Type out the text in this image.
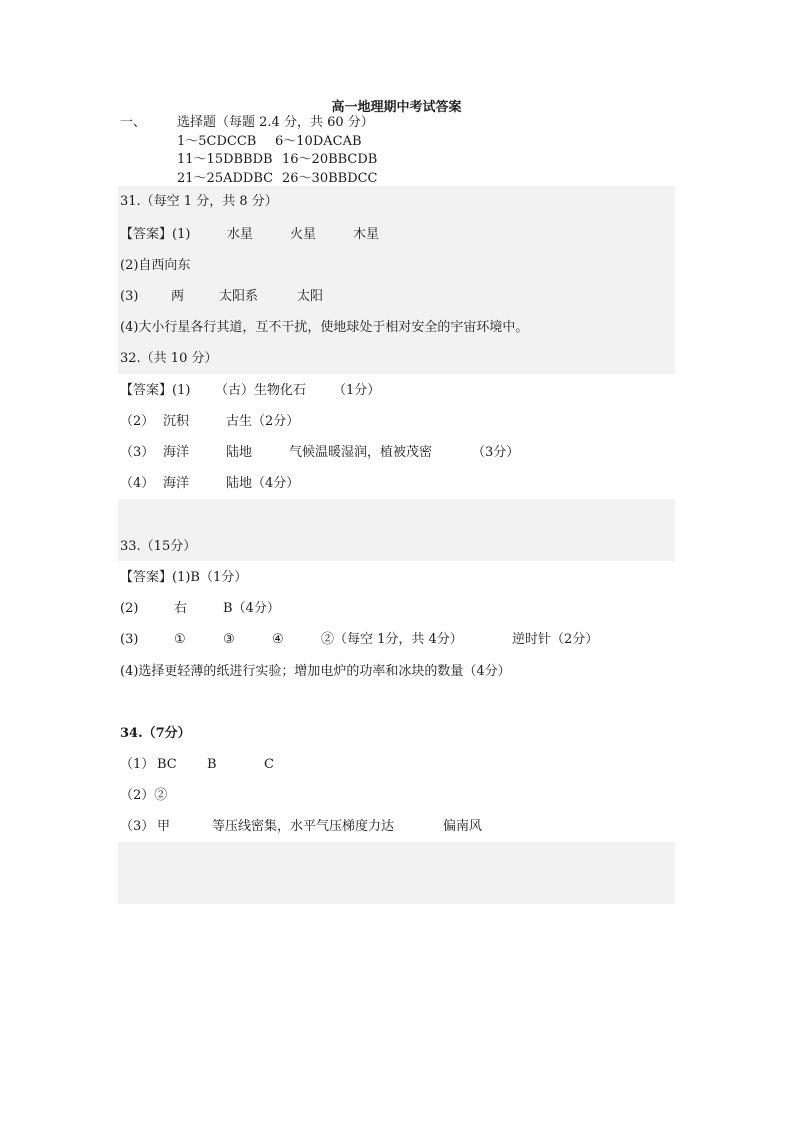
高一地理期中考试答案
一、 选择题（每题 2.4 分，共 60 分）
1～5CDCCB 6～10DACAB
11～15DBBDB 16～20BBCDB
21～25ADDBC 26～30BBDCC
31.（每空 1 分，共 8 分）
【答案】(1)	水星	火星	木星
(2)自西向东
(3)	两	太阳系	太阳
(4)大小行星各行其道，互不干扰，使地球处于相对安全的宇宙环境中。
32.（共 10 分）
【答案】(1) （古）生物化石 （1分）
（2） 沉积	古生（2分）
（3） 海洋	陆地	气候温暖湿润，植被茂密	（3分）
（4） 海洋	陆地（4分）
33.（15分）
【答案】(1)B（1分）
(2)	右	B（4分）
(3)	①	③	④	②（每空 1分，共 4分）	逆时针（2分）
(4)选择更轻薄的纸进行实验；增加电炉的功率和冰块的数量（4分）
34.（7分）
（1） BC B	C
（2）②
（3） 甲	等压线密集，水平气压梯度力达	偏南风
